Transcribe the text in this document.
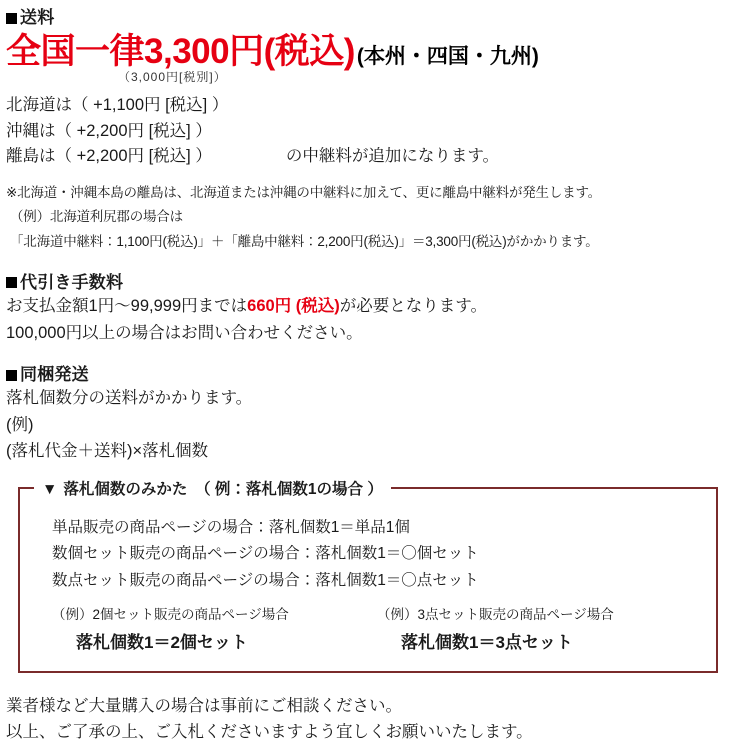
送料
全国一律3,300円(税込) (本州・四国・九州)
（3,000円[税別]）
北海道は（ +1,100円 [税込] ）
沖縄は（ +2,200円 [税込] ）
離島は（ +2,200円 [税込] ）	の中継料が追加になります。
※北海道・沖縄本島の離島は、北海道または沖縄の中継料に加えて、更に離島中継料が発生します。
（例）北海道利尻郡の場合は
「北海道中継料：1,100円(税込)」＋「離島中継料：2,200円(税込)」＝3,300円(税込)がかかります。
代引き手数料

お支払金額1円～99,999円までは660円 (税込)が必要となります。

100,000円以上の場合はお問い合わせください。

同梱発送

落札個数分の送料がかかります。

(例)

(落札代金＋送料)×落札個数

▼ 落札個数のみかた　（ 例：落札個数1の場合 ）

単品販売の商品ページの場合：落札個数1＝単品1個

数個セット販売の商品ページの場合：落札個数1＝〇個セット

数点セット販売の商品ページの場合：落札個数1＝〇点セット

（例）2個セット販売の商品ページ場合
落札個数1＝2個セット
（例）3点セット販売の商品ページ場合
落札個数1＝3点セット
業者様など大量購入の場合は事前にご相談ください。
以上、ご了承の上、ご入札くださいますよう宜しくお願いいたします。
